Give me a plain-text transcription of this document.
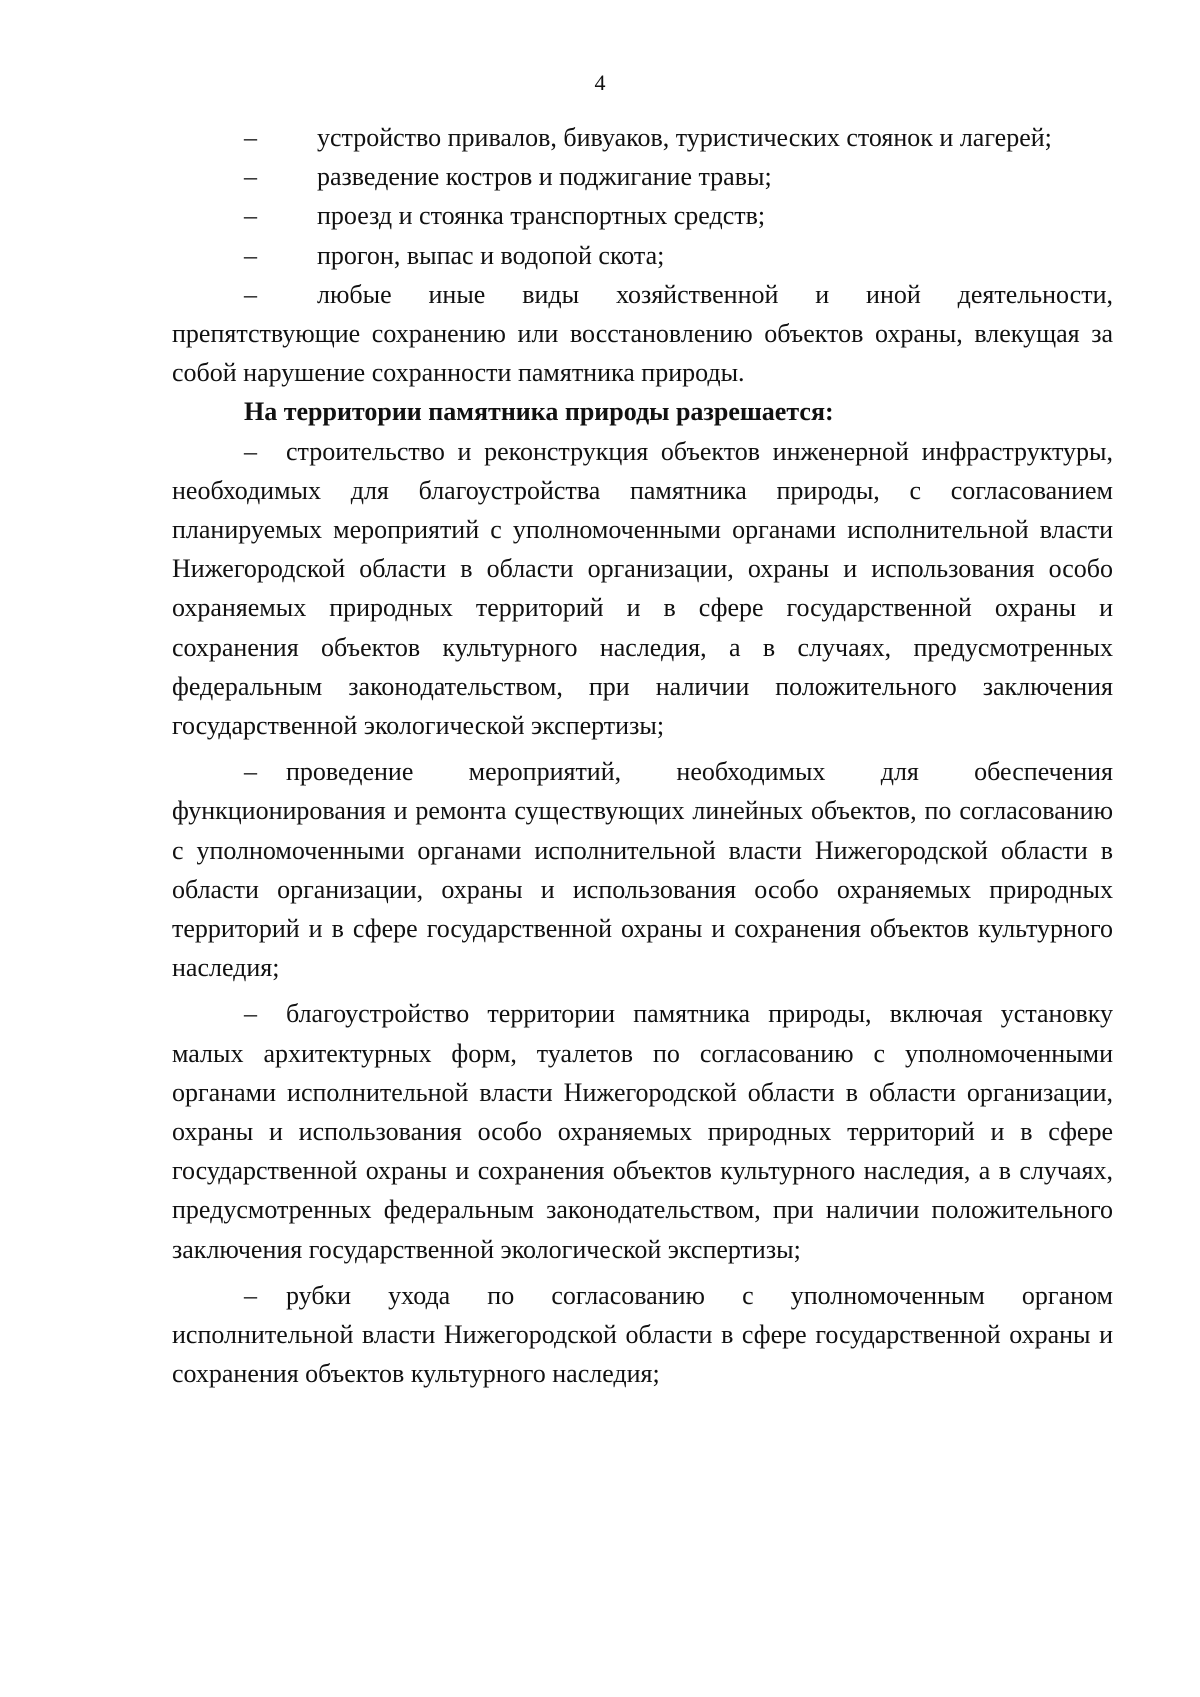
4

– устройство привалов, бивуаков, туристических стоянок и лагерей;

– разведение костров и поджигание травы;

– проезд и стоянка транспортных средств;

– прогон, выпас и водопой скота;

– любые иные виды хозяйственной и иной деятельности, препятствующие сохранению или восстановлению объектов охраны, влекущая за собой нарушение сохранности памятника природы.

На территории памятника природы разрешается:

– строительство и реконструкция объектов инженерной инфраструктуры, необходимых для благоустройства памятника природы, с согласованием планируемых мероприятий с уполномоченными органами исполнительной власти Нижегородской области в области организации, охраны и использования особо охраняемых природных территорий и в сфере государственной охраны и сохранения объектов культурного наследия, а в случаях, предусмотренных федеральным законодательством, при наличии положительного заключения государственной экологической экспертизы;

– проведение мероприятий, необходимых для обеспечения функционирования и ремонта существующих линейных объектов, по согласованию с уполномоченными органами исполнительной власти Нижегородской области в области организации, охраны и использования особо охраняемых природных территорий и в сфере государственной охраны и сохранения объектов культурного наследия;

– благоустройство территории памятника природы, включая установку малых архитектурных форм, туалетов по согласованию с уполномоченными органами исполнительной власти Нижегородской области в области организации, охраны и использования особо охраняемых природных территорий и в сфере государственной охраны и сохранения объектов культурного наследия, а в случаях, предусмотренных федеральным законодательством, при наличии положительного заключения государственной экологической экспертизы;

– рубки ухода по согласованию с уполномоченным органом исполнительной власти Нижегородской области в сфере государственной охраны и сохранения объектов культурного наследия;
